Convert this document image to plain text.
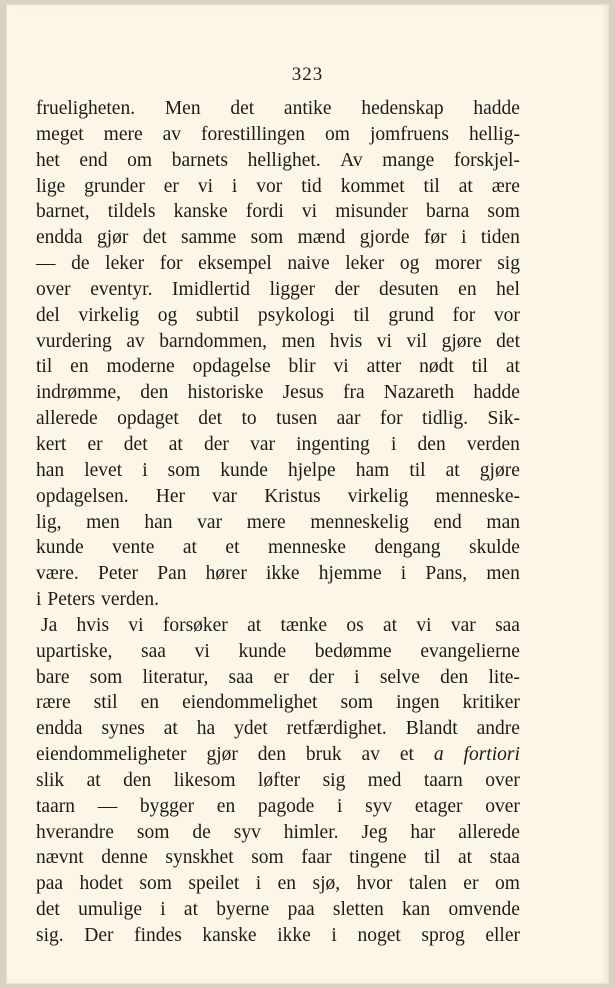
323
frueligheten. Men det antike hedenskap hadde
meget mere av forestillingen om jomfruens hellig-
het end om barnets hellighet. Av mange forskjel-
lige grunder er vi i vor tid kommet til at ære
barnet, tildels kanske fordi vi misunder barna som
endda gjør det samme som mænd gjorde før i tiden
— de leker for eksempel naive leker og morer sig
over eventyr. Imidlertid ligger der desuten en hel
del virkelig og subtil psykologi til grund for vor
vurdering av barndommen, men hvis vi vil gjøre det
til en moderne opdagelse blir vi atter nødt til at
indrømme, den historiske Jesus fra Nazareth hadde
allerede opdaget det to tusen aar for tidlig. Sik-
kert er det at der var ingenting i den verden
han levet i som kunde hjelpe ham til at gjøre
opdagelsen. Her var Kristus virkelig menneske-
lig, men han var mere menneskelig end man
kunde vente at et menneske dengang skulde
være. Peter Pan hører ikke hjemme i Pans, men
i Peters verden.
Ja hvis vi forsøker at tænke os at vi var saa
upartiske, saa vi kunde bedømme evangelierne
bare som literatur, saa er der i selve den lite-
rære stil en eiendommelighet som ingen kritiker
endda synes at ha ydet retfærdighet. Blandt andre
eiendommeligheter gjør den bruk av et a fortiori
slik at den likesom løfter sig med taarn over
taarn — bygger en pagode i syv etager over
hverandre som de syv himler. Jeg har allerede
nævnt denne synskhet som faar tingene til at staa
paa hodet som speilet i en sjø, hvor talen er om
det umulige i at byerne paa sletten kan omvende
sig. Der findes kanske ikke i noget sprog eller
